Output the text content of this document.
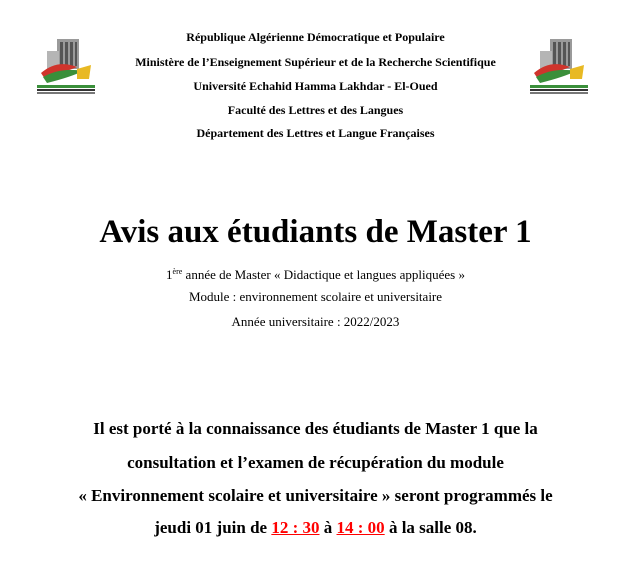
République Algérienne Démocratique et Populaire
Ministère de l’Enseignement Supérieur et de la Recherche Scientifique
Université Echahid Hamma Lakhdar - El-Oued
Faculté des Lettres et des Langues
Département des Lettres et Langue Françaises
Avis aux étudiants de Master 1
1ère année de Master « Didactique et langues appliquées »
Module : environnement scolaire et universitaire
Année universitaire : 2022/2023
Il est porté à la connaissance des étudiants de Master 1 que la
consultation et l’examen de récupération du module
« Environnement scolaire et universitaire » seront programmés le
jeudi 01 juin de 12 : 30 à 14 : 00 à la salle 08.
